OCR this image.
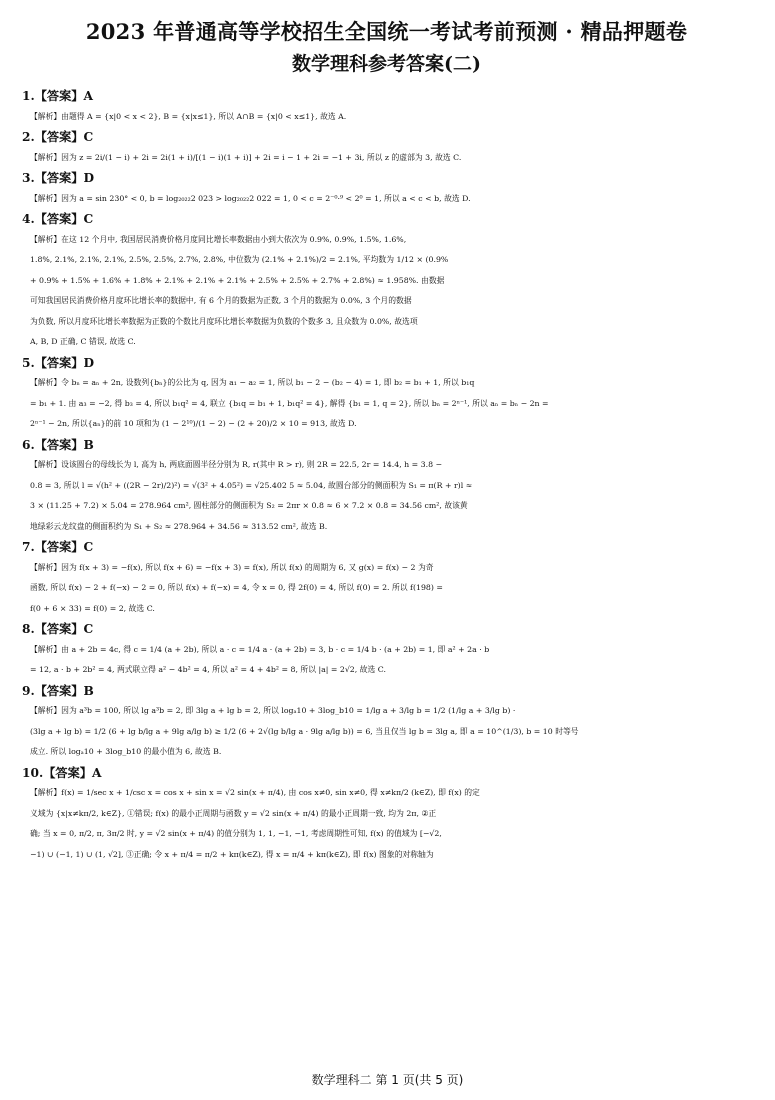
2023 年普通高等学校招生全国统一考试考前预测 · 精品押题卷
数学理科参考答案(二)
1.【答案】A
【解析】由题得 A = {x|0 < x < 2}, B = {x|x≤1}, 所以 A∩B = {x|0 < x≤1}, 故选 A.
2.【答案】C
【解析】因为 z = 2i/(1 − i) + 2i = 2i(1 + i)/[(1 − i)(1 + i)] + 2i = i − 1 + 2i = −1 + 3i, 所以 z 的虚部为 3, 故选 C.
3.【答案】D
【解析】因为 a = sin 230° < 0, b = log₂₀₂₂2 023 > log₂₀₂₂2 022 = 1, 0 < c = 2⁻⁰·⁹ < 2⁰ = 1, 所以 a < c < b, 故选 D.
4.【答案】C
【解析】在这 12 个月中, 我国居民消费价格月度同比增长率数据由小到大依次为 0.9%, 0.9%, 1.5%, 1.6%,
1.8%, 2.1%, 2.1%, 2.1%, 2.5%, 2.5%, 2.7%, 2.8%, 中位数为 (2.1% + 2.1%)/2 = 2.1%, 平均数为 1/12 × (0.9%
+ 0.9% + 1.5% + 1.6% + 1.8% + 2.1% + 2.1% + 2.1% + 2.5% + 2.5% + 2.7% + 2.8%) ≈ 1.958%. 由数据
可知我国居民消费价格月度环比增长率的数据中, 有 6 个月的数据为正数, 3 个月的数据为 0.0%, 3 个月的数据
为负数, 所以月度环比增长率数据为正数的个数比月度环比增长率数据为负数的个数多 3, 且众数为 0.0%, 故选项
A, B, D 正确, C 错误, 故选 C.
5.【答案】D
【解析】令 bₙ = aₙ + 2n, 设数列{bₙ}的公比为 q, 因为 a₁ − a₂ = 1, 所以 b₁ − 2 − (b₂ − 4) = 1, 即 b₂ = b₁ + 1, 所以 b₁q
= b₁ + 1. 由 a₃ = −2, 得 b₃ = 4, 所以 b₁q² = 4, 联立 {b₁q = b₁ + 1, b₁q² = 4}, 解得 {b₁ = 1, q = 2}, 所以 bₙ = 2ⁿ⁻¹, 所以 aₙ = bₙ − 2n =
2ⁿ⁻¹ − 2n, 所以{aₙ}的前 10 项和为 (1 − 2¹⁰)/(1 − 2) − (2 + 20)/2 × 10 = 913, 故选 D.
6.【答案】B
【解析】设该圆台的母线长为 l, 高为 h, 两底面圆半径分别为 R, r(其中 R > r), 则 2R = 22.5, 2r = 14.4, h = 3.8 −
0.8 = 3, 所以 l = √(h² + ((2R − 2r)/2)²) = √(3² + 4.05²) = √25.402 5 ≈ 5.04, 故圆台部分的侧面积为 S₁ = π(R + r)l ≈
3 × (11.25 + 7.2) × 5.04 = 278.964 cm², 圆柱部分的侧面积为 S₂ = 2πr × 0.8 ≈ 6 × 7.2 × 0.8 = 34.56 cm², 故该黄
地绿彩云龙纹盘的侧面积约为 S₁ + S₂ ≈ 278.964 + 34.56 ≈ 313.52 cm², 故选 B.
7.【答案】C
【解析】因为 f(x + 3) = −f(x), 所以 f(x + 6) = −f(x + 3) = f(x), 所以 f(x) 的周期为 6, 又 g(x) = f(x) − 2 为奇
函数, 所以 f(x) − 2 + f(−x) − 2 = 0, 所以 f(x) + f(−x) = 4, 令 x = 0, 得 2f(0) = 4, 所以 f(0) = 2. 所以 f(198) =
f(0 + 6 × 33) = f(0) = 2, 故选 C.
8.【答案】C
【解析】由 a + 2b = 4c, 得 c = 1/4 (a + 2b), 所以 a · c = 1/4 a · (a + 2b) = 3, b · c = 1/4 b · (a + 2b) = 1, 即 a² + 2a · b
= 12, a · b + 2b² = 4, 两式联立得 a² − 4b² = 4, 所以 a² = 4 + 4b² = 8, 所以 |a| = 2√2, 故选 C.
9.【答案】B
【解析】因为 a³b = 100, 所以 lg a³b = 2, 即 3lg a + lg b = 2, 所以 logₐ10 + 3log_b10 = 1/lg a + 3/lg b = 1/2 (1/lg a + 3/lg b) ·
(3lg a + lg b) = 1/2 (6 + lg b/lg a + 9lg a/lg b) ≥ 1/2 (6 + 2√(lg b/lg a · 9lg a/lg b)) = 6, 当且仅当 lg b = 3lg a, 即 a = 10^(1/3), b = 10 时等号
成立. 所以 logₐ10 + 3log_b10 的最小值为 6, 故选 B.
10.【答案】A
【解析】f(x) = 1/sec x + 1/csc x = cos x + sin x = √2 sin(x + π/4), 由 cos x≠0, sin x≠0, 得 x≠kπ/2 (k∈Z), 即 f(x) 的定
义域为 {x|x≠kπ/2, k∈Z}, ①错误; f(x) 的最小正周期与函数 y = √2 sin(x + π/4) 的最小正周期一致, 均为 2π, ②正
确; 当 x = 0, π/2, π, 3π/2 时, y = √2 sin(x + π/4) 的值分别为 1, 1, −1, −1, 考虑周期性可知, f(x) 的值域为 [−√2,
−1) ∪ (−1, 1) ∪ (1, √2], ③正确; 令 x + π/4 = π/2 + kπ(k∈Z), 得 x = π/4 + kπ(k∈Z), 即 f(x) 图象的对称轴为
数学理科二 第 1 页(共 5 页)
